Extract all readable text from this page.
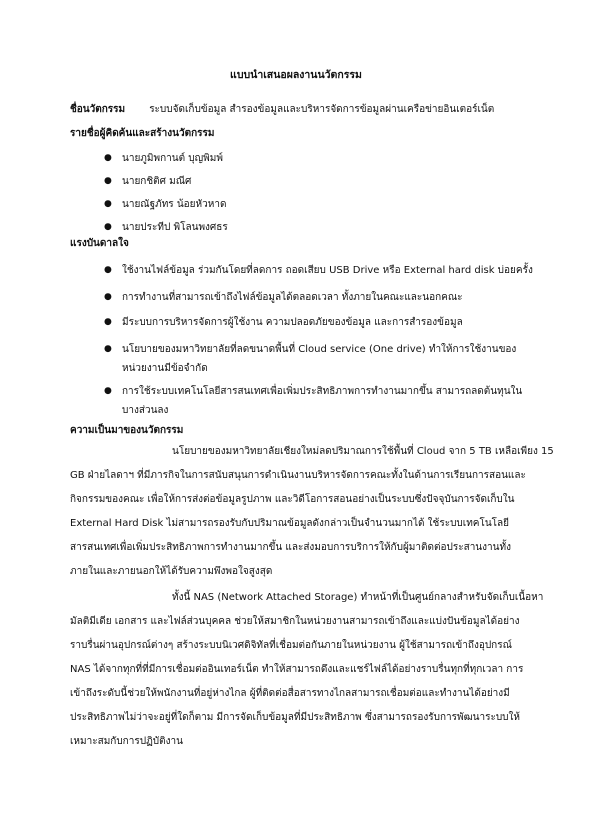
แบบนำเสนอผลงานนวัตกรรม
ชื่อนวัตกรรม ระบบจัดเก็บข้อมูล สำรองข้อมูลและบริหารจัดการข้อมูลผ่านเครือข่ายอินเตอร์เน็ต
รายชื่อผู้คิดค้นและสร้างนวัตกรรม
● นายภูมิพกานต์ บุญพิมพ์
● นายกชิติศ มณีศ
● นายณัฐภัทร น้อยหัวหาด
● นายประทีป พิโลนพงศธร
แรงบันดาลใจ
● ใช้งานไฟล์ข้อมูล ร่วมกันโดยที่ลดการ ถอดเสียบ USB Drive หรือ External hard disk บ่อยครั้ง
● การทำงานที่สามารถเข้าถึงไฟล์ข้อมูลได้ตลอดเวลา ทั้งภายในคณะและนอกคณะ
● มีระบบการบริหารจัดการผู้ใช้งาน ความปลอดภัยของข้อมูล และการสำรองข้อมูล
● นโยบายของมหาวิทยาลัยที่ลดขนาดพื้นที่ Cloud service (One drive) ทำให้การใช้งานของ
หน่วยงานมีข้อจำกัด
● การใช้ระบบเทคโนโลยีสารสนเทศเพื่อเพิ่มประสิทธิภาพการทำงานมากขึ้น สามารถลดต้นทุนใน
บางส่วนลง
ความเป็นมาของนวัตกรรม
นโยบายของมหาวิทยาลัยเชียงใหม่ลดปริมาณการใช้พื้นที่ Cloud จาก 5 TB เหลือเพียง 15
GB ฝ่ายไลดาฯ ที่มีภารกิจในการสนับสนุนการดำเนินงานบริหารจัดการคณะทั้งในด้านการเรียนการสอนและ
กิจกรรมของคณะ เพื่อให้การส่งต่อข้อมูลรูปภาพ และวิดีโอการสอนอย่างเป็นระบบซึ่งปัจจุบันการจัดเก็บใน
External Hard Disk ไม่สามารถรองรับกับปริมาณข้อมูลดังกล่าวเป็นจำนวนมากได้ ใช้ระบบเทคโนโลยี
สารสนเทศเพื่อเพิ่มประสิทธิภาพการทำงานมากขึ้น และส่งมอบการบริการให้กับผู้มาติดต่อประสานงานทั้ง
ภายในและภายนอกให้ได้รับความพึงพอใจสูงสุด
ทั้งนี้ NAS (Network Attached Storage) ทำหน้าที่เป็นศูนย์กลางสำหรับจัดเก็บเนื้อหา
มัลติมีเดีย เอกสาร และไฟล์ส่วนบุคคล ช่วยให้สมาชิกในหน่วยงานสามารถเข้าถึงและแบ่งปันข้อมูลได้อย่าง
ราบรื่นผ่านอุปกรณ์ต่างๆ สร้างระบบนิเวศดิจิทัลที่เชื่อมต่อกันภายในหน่วยงาน ผู้ใช้สามารถเข้าถึงอุปกรณ์
NAS ได้จากทุกที่ที่มีการเชื่อมต่ออินเทอร์เน็ต ทำให้สามารถดึงและแชร์ไฟล์ได้อย่างราบรื่นทุกที่ทุกเวลา การ
เข้าถึงระดับนี้ช่วยให้พนักงานที่อยู่ห่างไกล ผู้ที่ติดต่อสื่อสารทางไกลสามารถเชื่อมต่อและทำงานได้อย่างมี
ประสิทธิภาพไม่ว่าจะอยู่ที่ใดก็ตาม มีการจัดเก็บข้อมูลที่มีประสิทธิภาพ ซึ่งสามารถรองรับการพัฒนาระบบให้
เหมาะสมกับการปฏิบัติงาน
